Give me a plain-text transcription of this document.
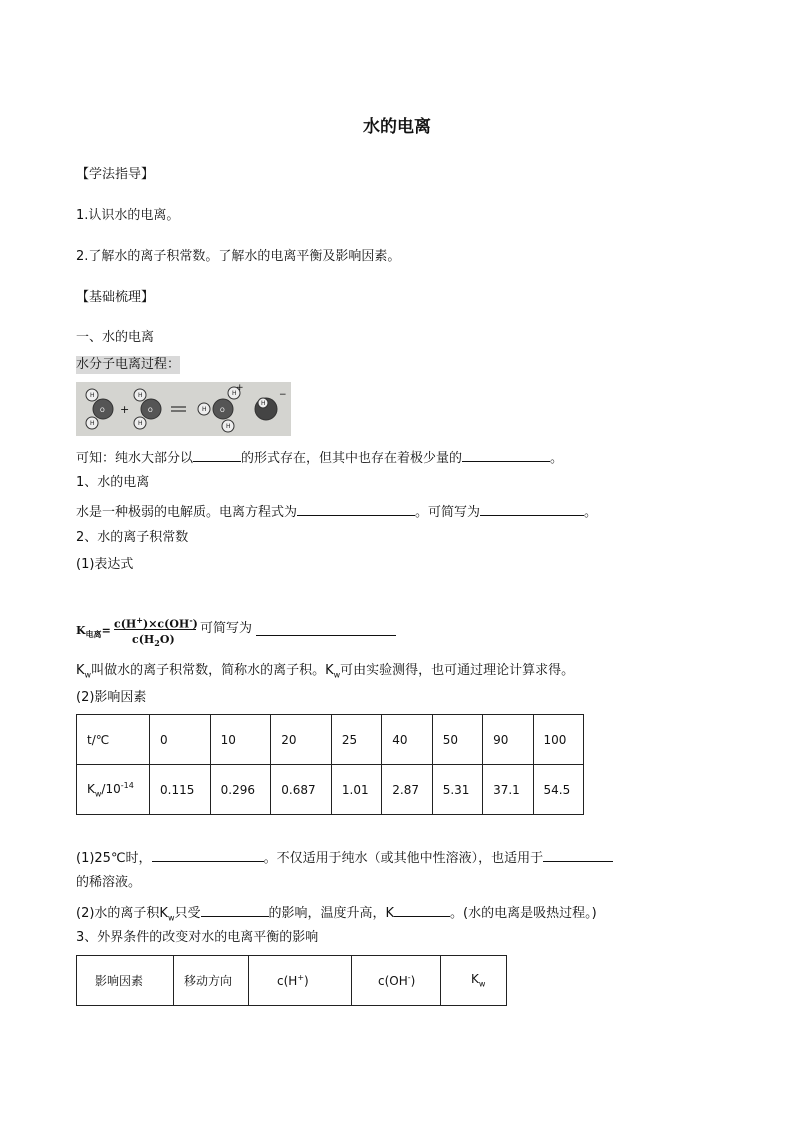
水的电离
【学法指导】
1.认识水的电离。
2.了解水的离子积常数。了解水的电离平衡及影响因素。
【基础梳理】
一、水的电离
水分子电离过程：
O	O	O
H
H
H
H
H
H
H
H
+
+
−
可知：纯水大部分以	的形式存在，但其中也存在着极少量的	。
1、水的电离
水是一种极弱的电解质。电离方程式为	。可简写为	。
2、水的离子积常数
(1)表达式
$K_{电离}= c(H^+)\times c(OH^-)$
$c(H_2O)$
可简写为
$K_w$叫做水的离子积常数，简称水的离子积。$K_w$可由实验测得，也可通过理论计算求得。
(2)影响因素
t/℃	0	10	20	25	40	50	90	100
$K_w/10^{-14}$	0.115	0.296	0.687	1.01	2.87	5.31	37.1	54.5
(1)25℃时，	。不仅适用于纯水（或其他中性溶液），也适用于
的稀溶液。
(2)水的离子积$K_w$只受	的影响，温度升高，K	。(水的电离是吸热过程。)
3、外界条件的改变对水的电离平衡的影响
影响因素	移动方向	c(H+)	c(OH-)	$K_w$
